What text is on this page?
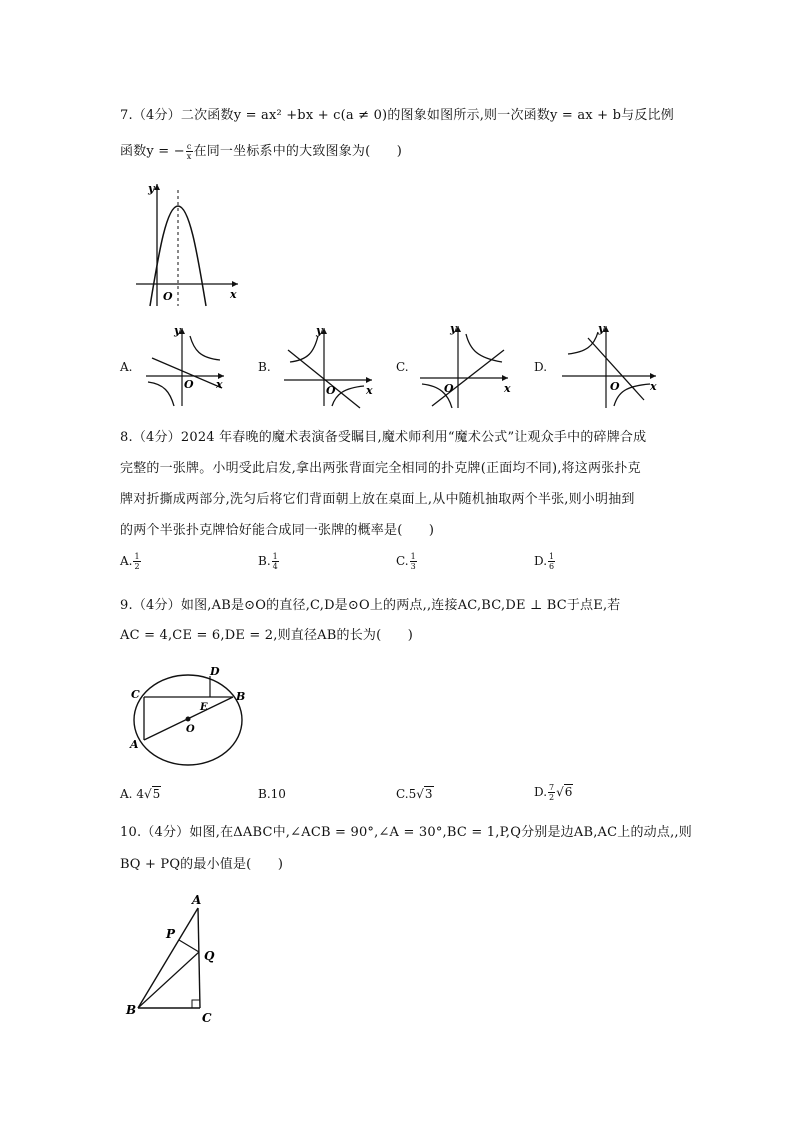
7.（4分）二次函数y = ax² +bx + c(a ≠ 0)的图象如图所示,则一次函数y = ax + b与反比例
函数y = − $\frac{c}{x}$ 在同一坐标系中的大致图象为(　　)
y
x
O
A.
y
x
O
B.
y
x
O
C.
y
x
O
D.
y
x
O
8.（4分）2024 年春晚的魔术表演备受瞩目,魔术师利用“魔术公式”让观众手中的碎牌合成
完整的一张牌。小明受此启发,拿出两张背面完全相同的扑克牌(正面均不同),将这两张扑克
牌对折撕成两部分,洗匀后将它们背面朝上放在桌面上,从中随机抽取两个半张,则小明抽到
的两个半张扑克牌恰好能合成同一张牌的概率是(　　)
A. $\frac{1}{2}$	B. $\frac{1}{4}$	C. $\frac{1}{3}$	D. $\frac{1}{6}$
9.（4分）如图,AB是⊙O的直径,C,D是⊙O上的两点,,连接AC,BC,DE ⊥ BC于点E,若
AC = 4,CE = 6,DE = 2,则直径AB的长为(　　)
C
D
B
E
O
A
A. 4√5	B.10	C.5√3	D. $\frac{7}{2} √6$
10.（4分）如图,在ΔABC中,∠ACB = 90°,∠A = 30°,BC = 1,P,Q分别是边AB,AC上的动点,,则
BQ + PQ的最小值是(　　)
A
P
Q
B
C
